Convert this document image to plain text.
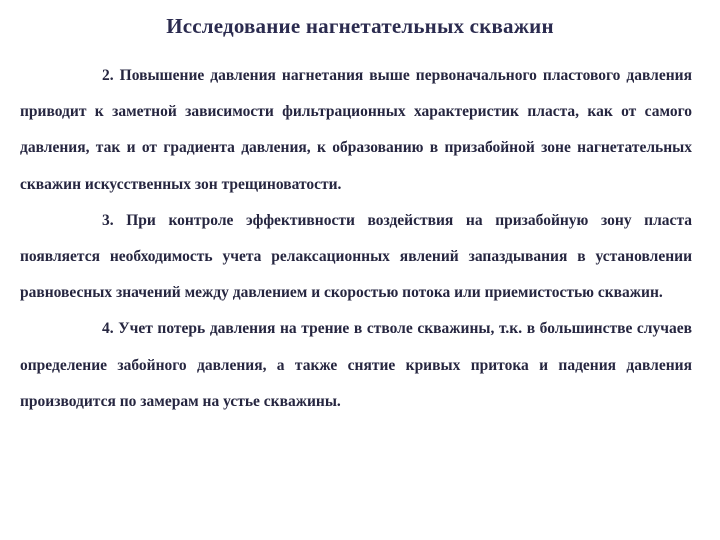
Исследование нагнетательных скважин

2. Повышение давления нагнетания выше первоначального пластового давления приводит к заметной зависимости фильтрационных характеристик пласта, как от самого давления, так и от градиента давления, к образованию в призабойной зоне нагнетательных скважин искусственных зон трещиноватости.

3. При контроле эффективности воздействия на призабойную зону пласта появляется необходимость учета релаксационных явлений запаздывания в установлении равновесных значений между давлением и скоростью потока или приемистостью скважин.

4. Учет потерь давления на трение в стволе скважины, т.к. в большинстве случаев определение забойного давления, а также снятие кривых притока и падения давления производится по замерам на устье скважины.
